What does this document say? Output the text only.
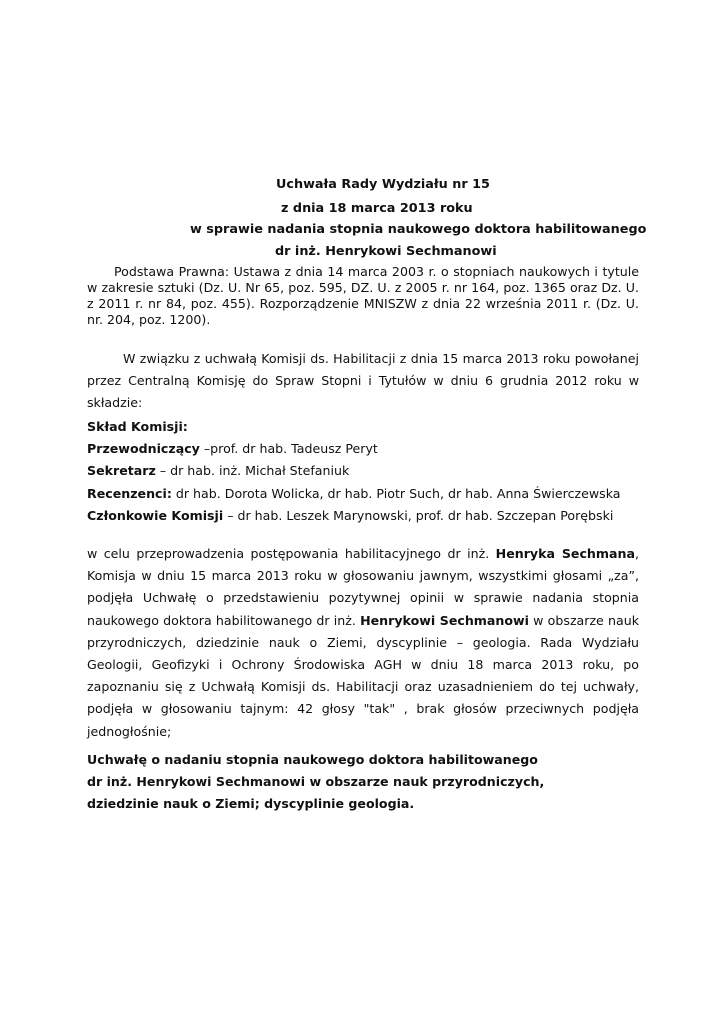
Uchwała Rady Wydziału nr 15
z dnia 18 marca 2013 roku
w sprawie nadania stopnia naukowego doktora habilitowanego
dr inż. Henrykowi Sechmanowi

Podstawa Prawna: Ustawa z dnia 14 marca 2003 r. o stopniach naukowych i tytule w zakresie sztuki (Dz. U. Nr 65, poz. 595, DZ. U. z 2005 r. nr 164, poz. 1365 oraz Dz. U. z 2011 r. nr 84, poz. 455). Rozporządzenie MNISZW z dnia 22 września 2011 r. (Dz. U. nr. 204, poz. 1200).

W związku z uchwałą Komisji ds. Habilitacji z dnia 15 marca 2013 roku powołanej przez Centralną Komisję do Spraw Stopni i Tytułów w dniu 6 grudnia 2012 roku w składzie:

Skład Komisji:

Przewodniczący –prof. dr hab. Tadeusz Peryt

Sekretarz – dr hab. inż. Michał Stefaniuk

Recenzenci: dr hab. Dorota Wolicka, dr hab. Piotr Such, dr hab. Anna Świerczewska

Członkowie Komisji – dr hab. Leszek Marynowski, prof. dr hab. Szczepan Porębski

w celu przeprowadzenia postępowania habilitacyjnego dr inż. Henryka Sechmana, Komisja w dniu 15 marca 2013 roku w głosowaniu jawnym, wszystkimi głosami „za”, podjęła Uchwałę o przedstawieniu pozytywnej opinii w sprawie nadania stopnia naukowego doktora habilitowanego dr inż. Henrykowi Sechmanowi w obszarze nauk przyrodniczych, dziedzinie nauk o Ziemi, dyscyplinie – geologia. Rada Wydziału Geologii, Geofizyki i Ochrony Środowiska AGH w dniu 18 marca 2013 roku, po zapoznaniu się z Uchwałą Komisji ds. Habilitacji oraz uzasadnieniem do tej uchwały, podjęła w głosowaniu tajnym: 42 głosy "tak" , brak głosów przeciwnych podjęła jednogłośnie;

Uchwałę o nadaniu stopnia naukowego doktora habilitowanego

dr inż. Henrykowi Sechmanowi w obszarze nauk przyrodniczych,

dziedzinie nauk o Ziemi; dyscyplinie geologia.
